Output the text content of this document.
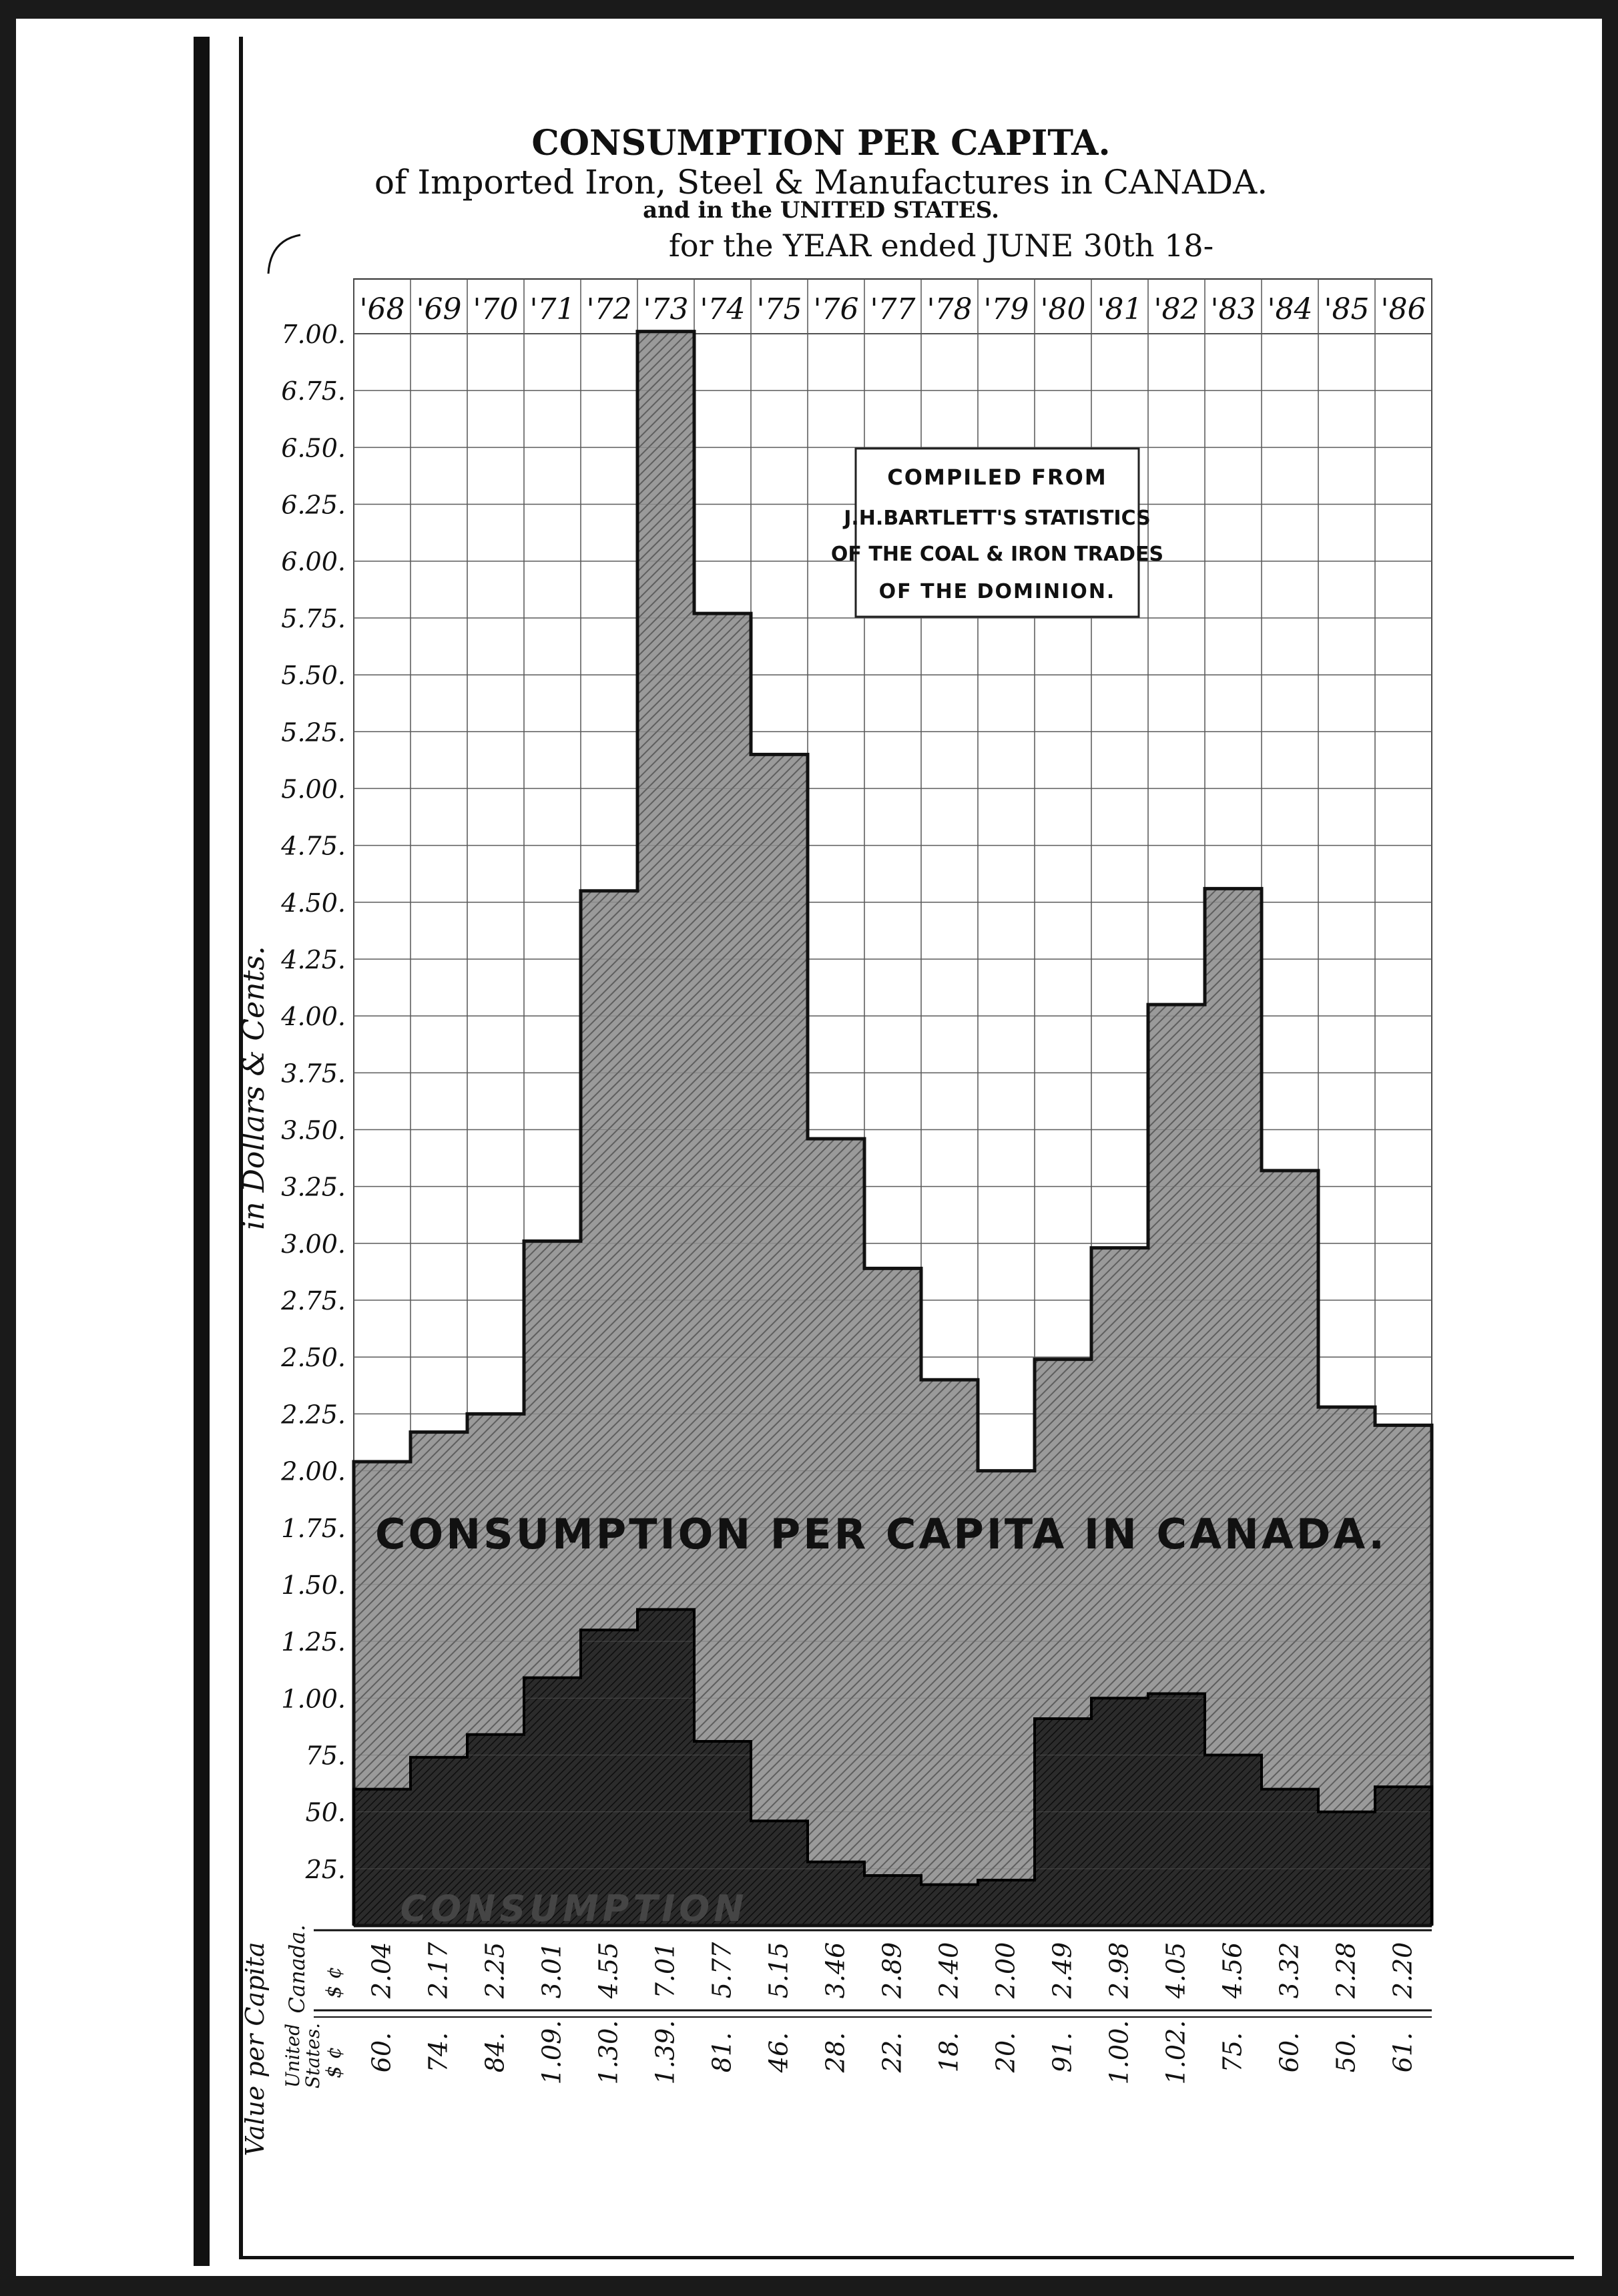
CONSUMPTION PER CAPITA.
of Imported Iron, Steel & Manufactures in CANADA.
and in the UNITED STATES.
for the YEAR ended JUNE 30th 18-
in Dollars & Cents.
25.
50.
75.
1.00.
1.25.
1.50.
1.75.
2.00.
2.25.
2.50.
2.75.
3.00.
3.25.
3.50.
3.75.
4.00.
4.25.
4.50.
4.75.
5.00.
5.25.
5.50.
5.75.
6.00.
6.25.
6.50.
6.75.
7.00.
'68 '69 '70 '71 '72 '73 '74 '75 '76 '77 '78 '79 '80 '81 '82 '83 '84 '85 '86
CONSUMPTION PER CAPITA IN CANADA.
CONSUMPTION
COMPILED FROM
J.H.BARTLETT'S STATISTICS
OF THE COAL & IRON TRADES
OF THE DOMINION.
Value per Capita Canada. $ ¢
United
States.
$ ¢
2.04 2.17 2.25 3.01 4.55 7.01 5.77 5.15 3.46 2.89 2.40 2.00 2.49 2.98 4.05 4.56 3.32 2.28 2.20
60. 74. 84. 1.09. 1.30. 1.39. 81. 46. 28. 22. 18. 20. 91. 1.00. 1.02. 75. 60. 50. 61.
